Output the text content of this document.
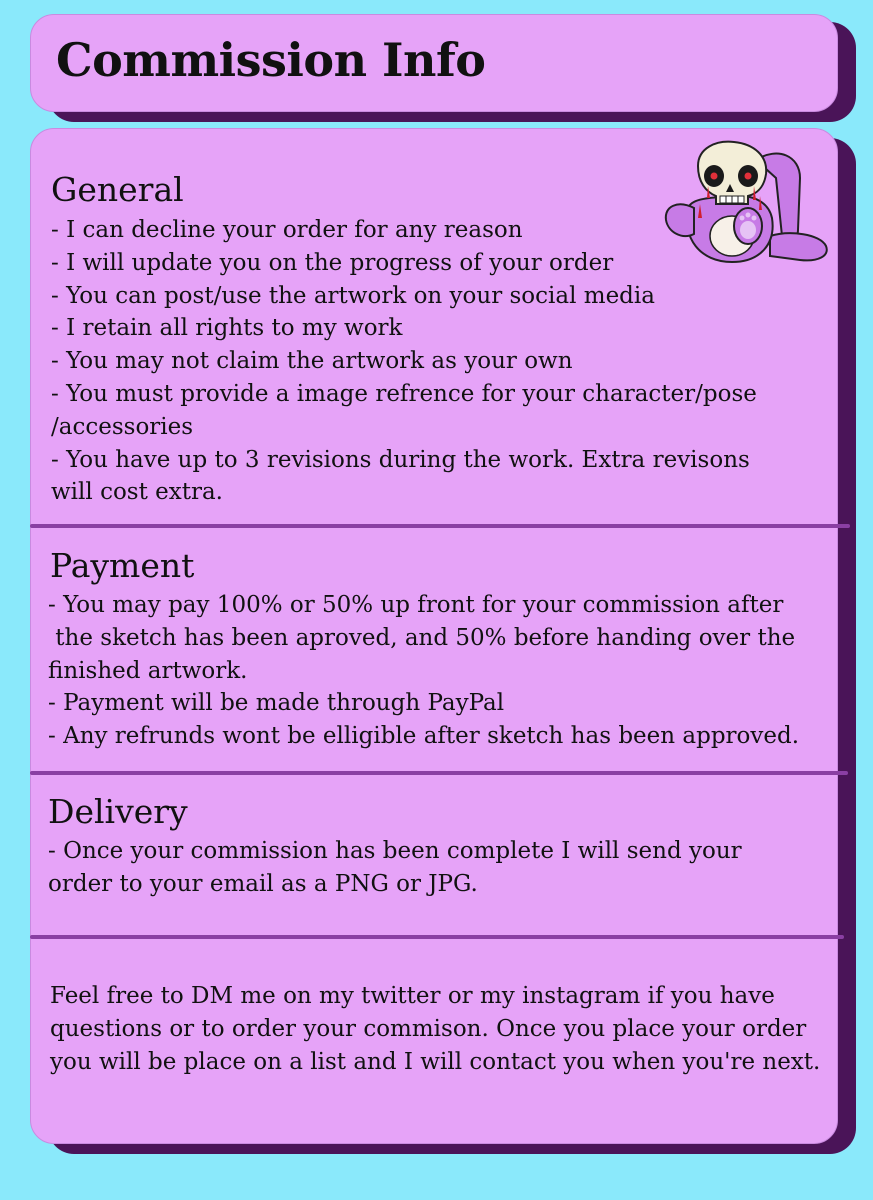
Commission Info
General
- I can decline your order for any reason
- I will update you on the progress of your order
- You can post/use the artwork on your social media
- I retain all rights to my work
- You may not claim the artwork as your own
- You must provide a image refrence for your character/pose
/accessories
- You have up to 3 revisions during the work. Extra revisons
will cost extra.
Payment
- You may pay 100% or 50% up front for your commission after
the sketch has been aproved, and 50% before handing over the
finished artwork.
- Payment will be made through PayPal
- Any refrunds wont be elligible after sketch has been approved.
Delivery
- Once your commission has been complete I will send your
order to your email as a PNG or JPG.
Feel free to DM me on my twitter or my instagram if you have
questions or to order your commison. Once you place your order
you will be place on a list and I will contact you when you're next.
